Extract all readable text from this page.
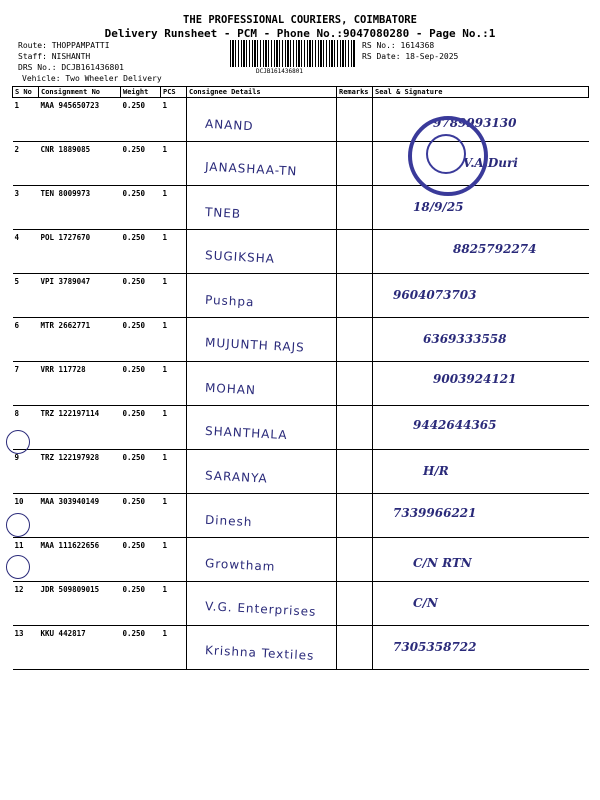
THE PROFESSIONAL COURIERS, COIMBATORE
Delivery Runsheet - PCM - Phone No.:9047080280 - Page No.:1
Route: THOPPAMPATTI
Staff: NISHANTH
DRS No.: DCJB161436801
Vehicle: Two Wheeler Delivery
RS No.: 1614368
RS Date: 18-Sep-2025
DCJB161436801
S No	Consignment No	Weight	PCS	Consignee Details	Remarks	Seal & Signature
1	MAA 945650723	0.250	1	ANAND		9789993130

2	CNR 1889085	0.250	1	JANASHAA-TN		V.A.Duri

3	TEN 8009973	0.250	1	TNEB		18/9/25

4	POL 1727670	0.250	1	SUGIKSHA		8825792274

5	VPI 3789047	0.250	1	Pushpa		9604073703

6	MTR 2662771	0.250	1	MUJUNTH RAJS		6369333558

7	VRR 117728	0.250	1	MOHAN		9003924121

8	TRZ 122197114	0.250	1	SHANTHALA		9442644365

9	TRZ 122197928	0.250	1	SARANYA		H/R

10	MAA 303940149	0.250	1	Dinesh		7339966221

11	MAA 111622656	0.250	1	Growtham		C/N RTN

12	JDR 509809015	0.250	1	V.G. Enterprises		C/N

13	KKU 442817	0.250	1	Krishna Textiles		7305358722
